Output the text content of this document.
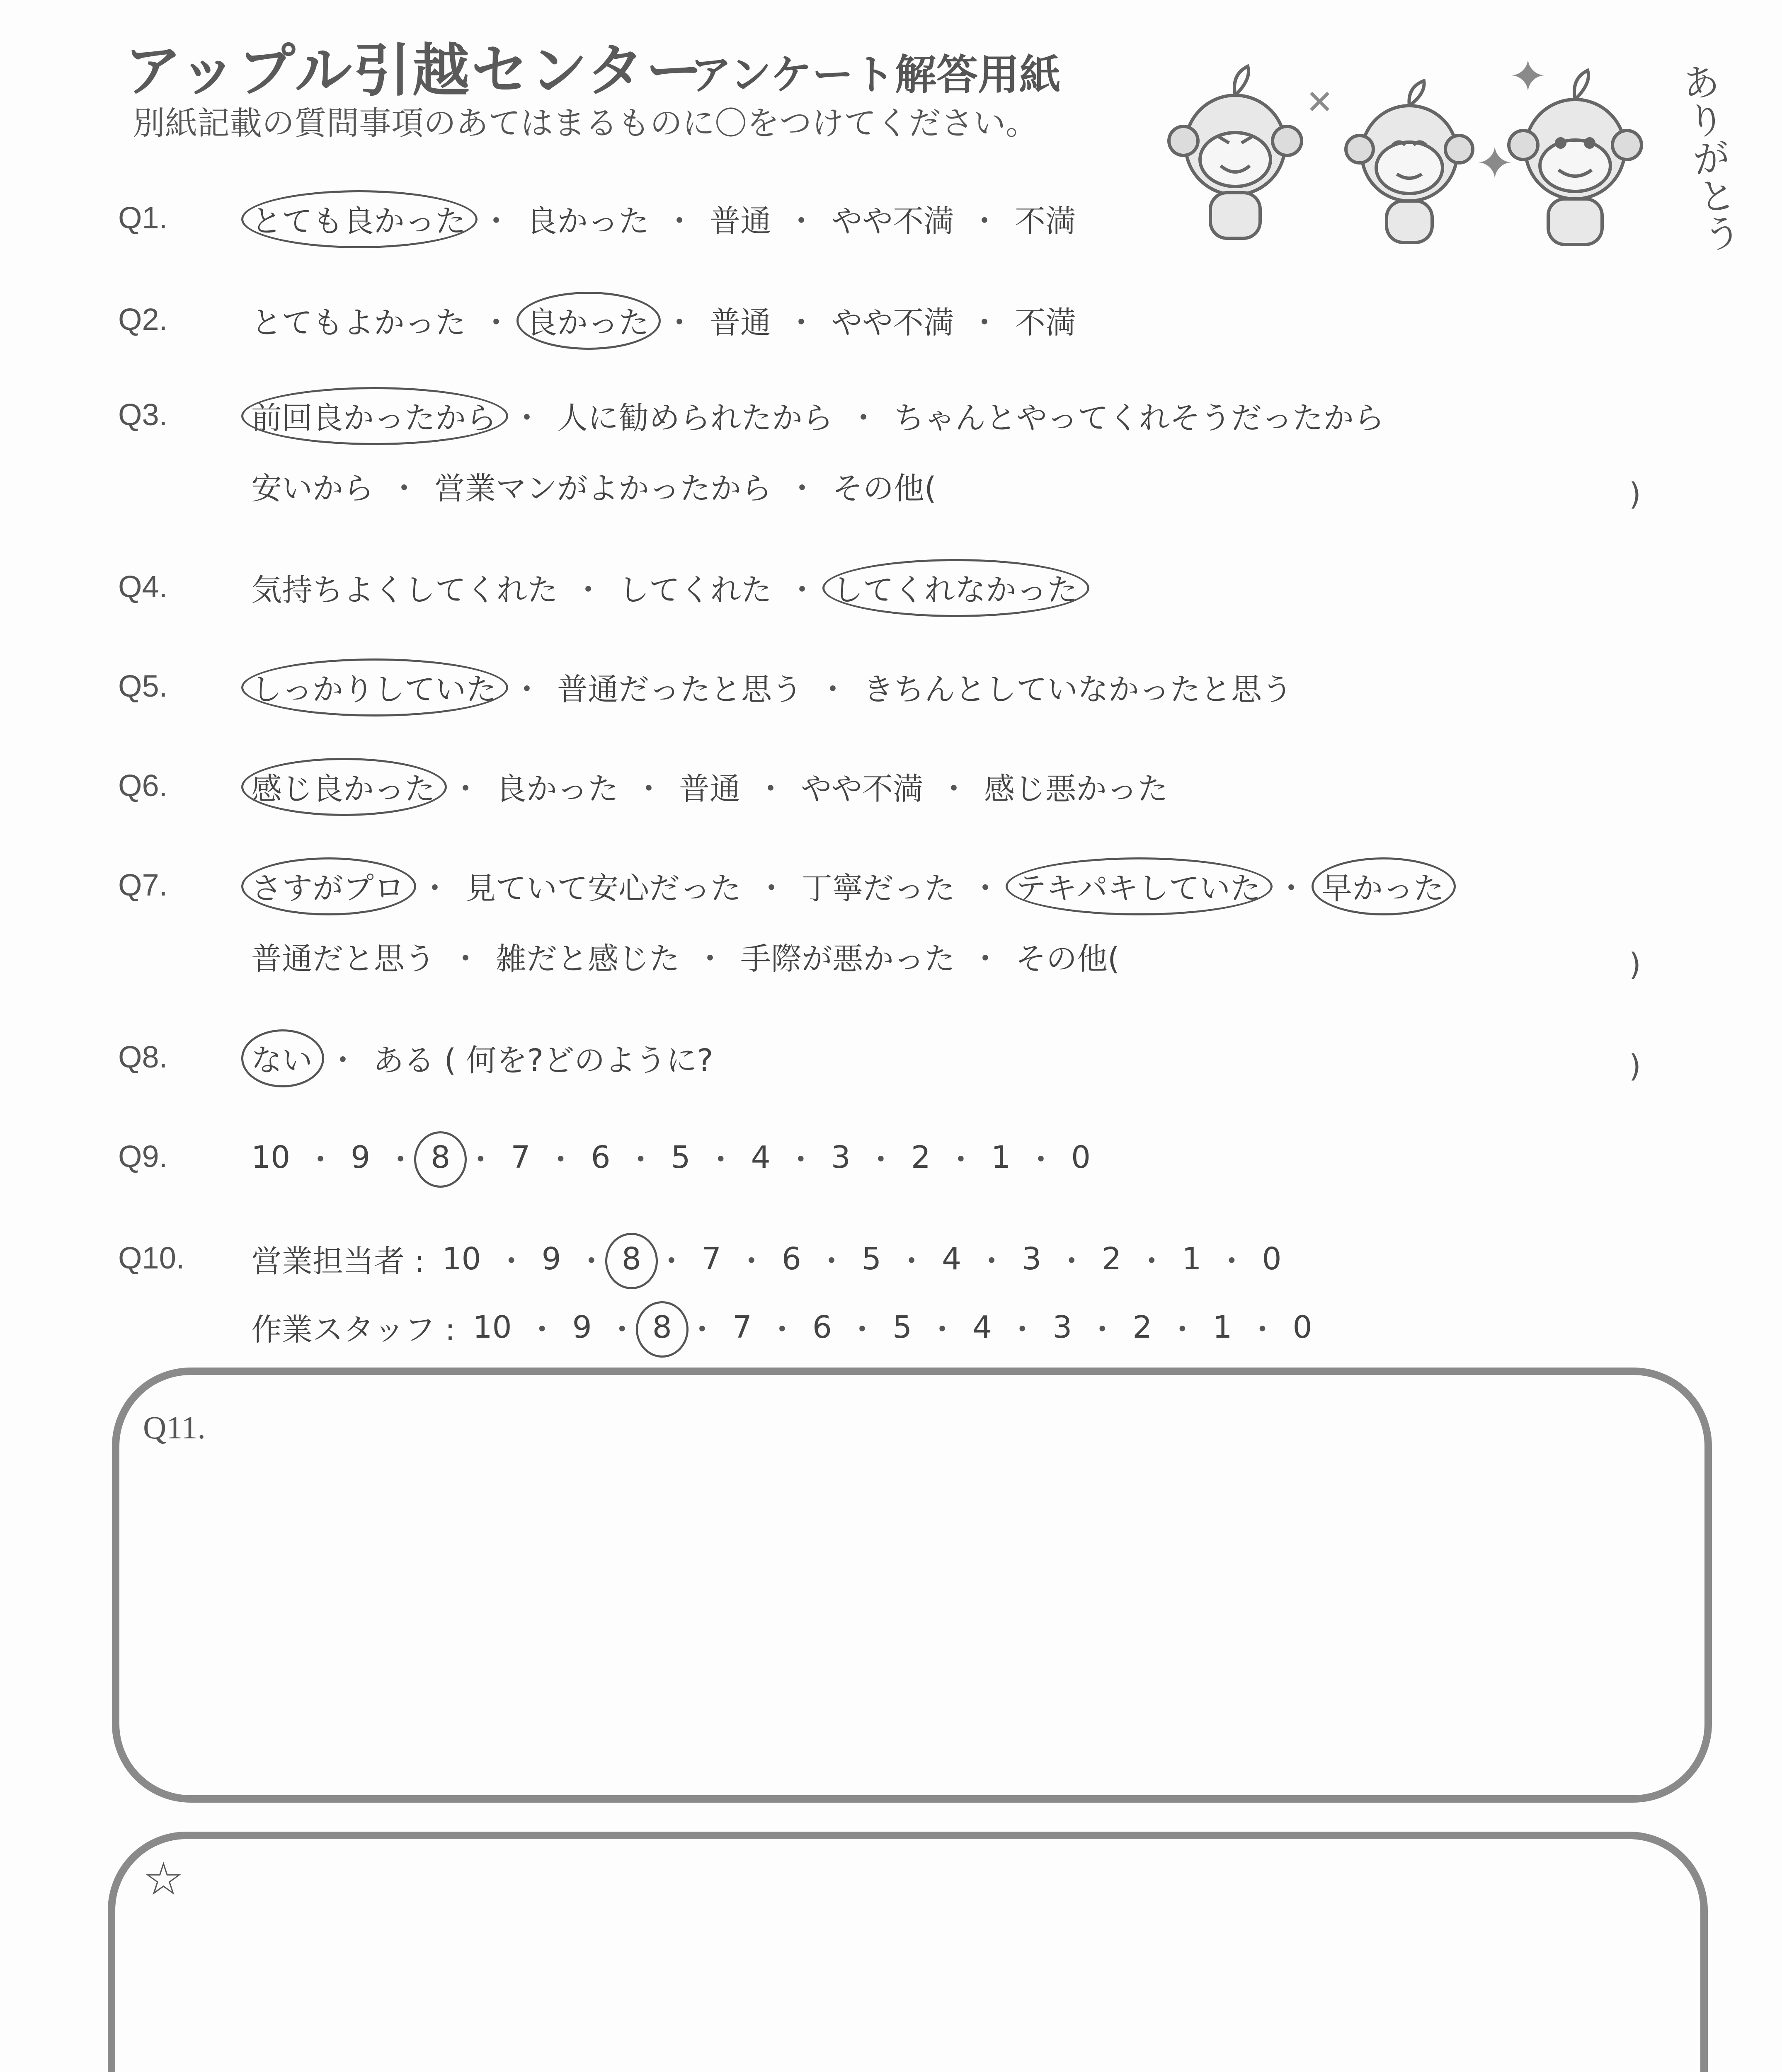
アップル引越センター
アンケート解答用紙
別紙記載の質問事項のあてはまるものに〇をつけてください。
✦
✦
✕	ありがとう
Q1.	とても良かった ・ 良かった ・ 普通 ・ やや不満 ・ 不満
Q2.	とてもよかった ・ 良かった ・ 普通 ・ やや不満 ・ 不満
Q3.	前回良かったから ・ 人に勧められたから ・ ちゃんとやってくれそうだったから
安いから ・ 営業マンがよかったから ・ その他(	)
Q4.	気持ちよくしてくれた ・ してくれた ・ してくれなかった
Q5.	しっかりしていた ・ 普通だったと思う ・ きちんとしていなかったと思う
Q6.	感じ良かった ・ 良かった ・ 普通 ・ やや不満 ・ 感じ悪かった
Q7.	さすがプロ ・ 見ていて安心だった ・ 丁寧だった ・ テキパキしていた ・ 早かった
普通だと思う ・ 雑だと感じた ・ 手際が悪かった ・ その他(	)
Q8.	ない ・ ある ( 何を?どのように?	)
Q9.	10 ・ 9 ・ 8 ・ 7 ・ 6 ・ 5 ・ 4 ・ 3 ・ 2 ・ 1 ・ 0
Q10. 営業担当者 : 10 ・ 9 ・ 8 ・ 7 ・ 6 ・ 5 ・ 4 ・ 3 ・ 2 ・ 1 ・ 0
作業スタッフ : 10 ・ 9 ・ 8 ・ 7 ・ 6 ・ 5 ・ 4 ・ 3 ・ 2 ・ 1 ・ 0
Q11.
☆
